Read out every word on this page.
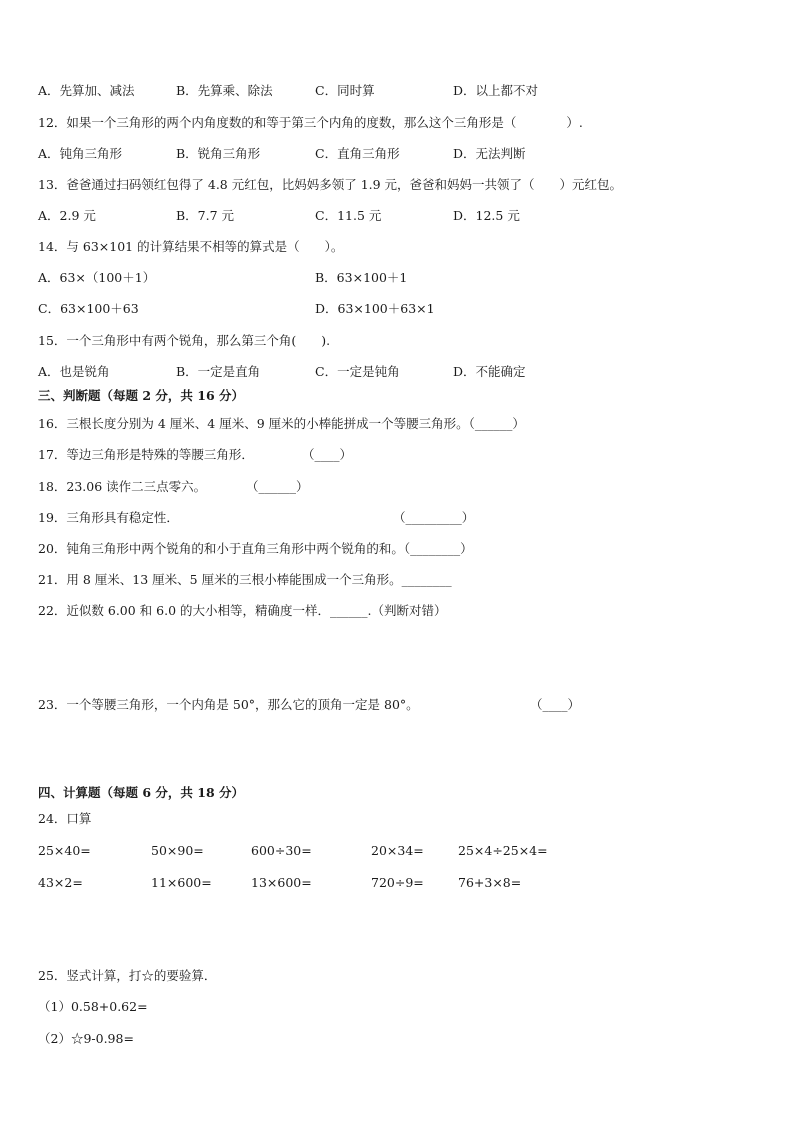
A．先算加、减法	B．先算乘、除法	C．同时算	D．以上都不对
12．如果一个三角形的两个内角度数的和等于第三个内角的度数，那么这个三角形是（　　　　）.
A．钝角三角形	B．锐角三角形	C．直角三角形	D．无法判断
13．爸爸通过扫码领红包得了 4.8 元红包，比妈妈多领了 1.9 元，爸爸和妈妈一共领了（　　）元红包。
A．2.9 元	B．7.7 元	C．11.5 元	D．12.5 元
14．与 63×101 的计算结果不相等的算式是（　　）。
A．63×（100＋1）	B．63×100＋1
C．63×100＋63	D．63×100＋63×1
15．一个三角形中有两个锐角，那么第三个角(　　).
A．也是锐角	B．一定是直角	C．一定是钝角	D．不能确定
三、判断题（每题 2 分，共 16 分）
16．三根长度分别为 4 厘米、4 厘米、9 厘米的小棒能拼成一个等腰三角形。（______）
17．等边三角形是特殊的等腰三角形．	（____）
18．23.06 读作二三点零六。	（______）
19．三角形具有稳定性．	（_________）
20．钝角三角形中两个锐角的和小于直角三角形中两个锐角的和。（________）
21．用 8 厘米、13 厘米、5 厘米的三根小棒能围成一个三角形。________
22．近似数 6.00 和 6.0 的大小相等，精确度一样．______.（判断对错）
23．一个等腰三角形，一个内角是 50°，那么它的顶角一定是 80°。	（____）
四、计算题（每题 6 分，共 18 分）
24．口算
25×40=	50×90=	600÷30=	20×34=	25×4÷25×4=
43×2=	11×600=	13×600=	720÷9=	76+3×8=
25．竖式计算，打☆的要验算．
（1）0.58+0.62=
（2）☆9-0.98=
